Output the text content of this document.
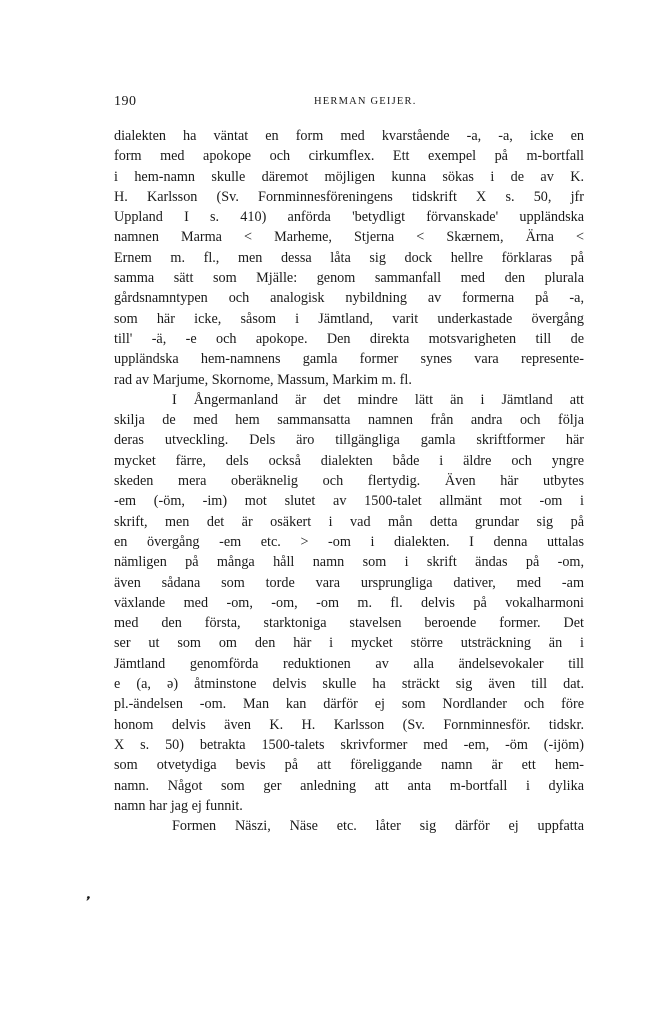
190	HERMAN GEIJER.
dialekten ha väntat en form med kvarstående -a, -a, icke en
form med apokope och cirkumflex. Ett exempel på m-bortfall
i hem-namn skulle däremot möjligen kunna sökas i de av K.
H. Karlsson (Sv. Fornminnesföreningens tidskrift X s. 50, jfr
Uppland I s. 410) anförda 'betydligt förvanskade' uppländska
namnen Marma < Marheme, Stjerna < Skærnem, Ärna <
Ernem m. fl., men dessa låta sig dock hellre förklaras på
samma sätt som Mjälle: genom sammanfall med den plurala
gårdsnamntypen och analogisk nybildning av formerna på -a,
som här icke, såsom i Jämtland, varit underkastade övergång
till' -ä, -e och apokope. Den direkta motsvarigheten till de
uppländska hem-namnens gamla former synes vara represente-
rad av Marjume, Skornome, Massum, Markim m. fl.
I Ångermanland är det mindre lätt än i Jämtland att
skilja de med hem sammansatta namnen från andra och följa
deras utveckling. Dels äro tillgängliga gamla skriftformer här
mycket färre, dels också dialekten både i äldre och yngre
skeden mera oberäknelig och flertydig. Även här utbytes
-em (-öm, -im) mot slutet av 1500-talet allmänt mot -om i
skrift, men det är osäkert i vad mån detta grundar sig på
en övergång -em etc. > -om i dialekten. I denna uttalas
nämligen på många håll namn som i skrift ändas på -om,
även sådana som torde vara ursprungliga dativer, med -am
växlande med -om, -om, -om m. fl. delvis på vokalharmoni
med den första, starktoniga stavelsen beroende former. Det
ser ut som om den här i mycket större utsträckning än i
Jämtland genomförda reduktionen av alla ändelsevokaler till
e (a, ə) åtminstone delvis skulle ha sträckt sig även till dat.
pl.-ändelsen -om. Man kan därför ej som Nordlander och före
honom delvis även K. H. Karlsson (Sv. Fornminnesför. tidskr.
X s. 50) betrakta 1500-talets skrivformer med -em, -öm (-ijöm)
som otvetydiga bevis på att föreliggande namn är ett hem-
namn. Något som ger anledning att anta m-bortfall i dylika
namn har jag ej funnit.
Formen Näszi, Näse etc. låter sig därför ej uppfatta
❜
